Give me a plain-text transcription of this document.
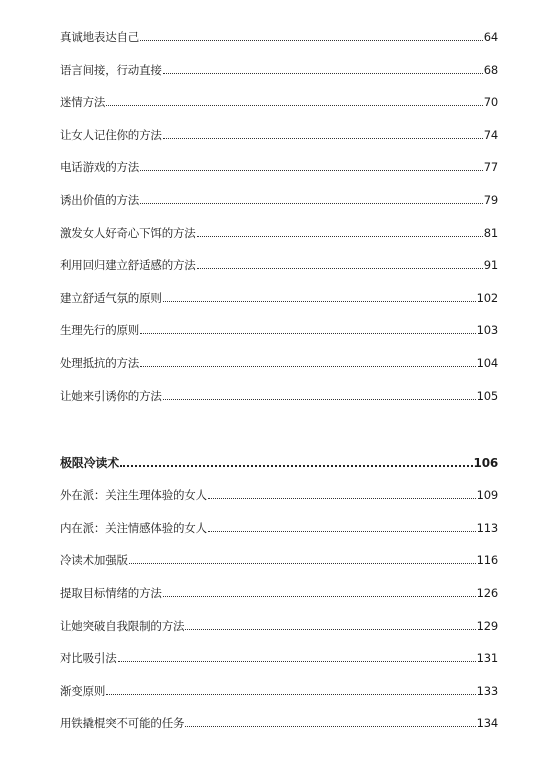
真诚地表达自己	64
语言间接，行动直接	68
迷情方法	70
让女人记住你的方法	74
电话游戏的方法	77
诱出价值的方法	79
激发女人好奇心下饵的方法	81
利用回归建立舒适感的方法	91
建立舒适气氛的原则	102
生理先行的原则	103
处理抵抗的方法	104
让她来引诱你的方法	105
极限冷读术	106
外在派：关注生理体验的女人	109
内在派：关注情感体验的女人	113
冷读术加强版	116
提取目标情绪的方法	126
让她突破自我限制的方法	129
对比吸引法	131
渐变原则	133
用铁撬棍突不可能的任务	134
